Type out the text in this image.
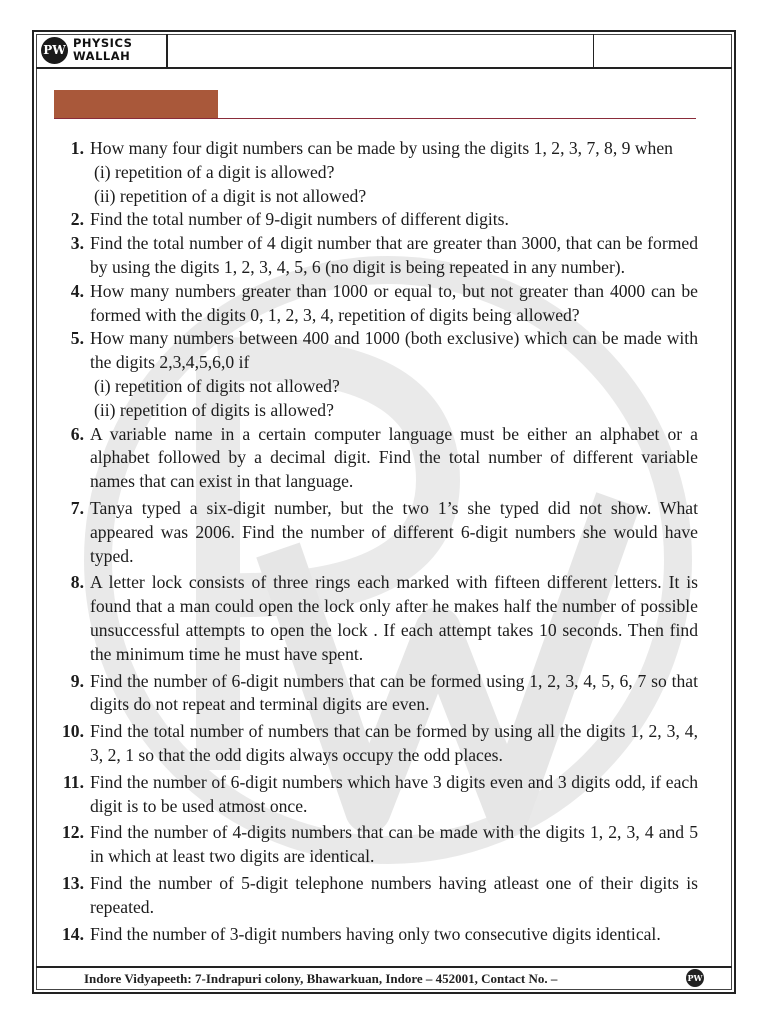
PW PHYSICS
WALLAH
1. How many four digit numbers can be made by using the digits 1, 2, 3, 7, 8, 9 when
(i) repetition of a digit is allowed?
(ii) repetition of a digit is not allowed?
2. Find the total number of 9-digit numbers of different digits.
3. Find the total number of 4 digit number that are greater than 3000, that can be formed by using the digits 1, 2, 3, 4, 5, 6 (no digit is being repeated in any number).
4. How many numbers greater than 1000 or equal to, but not greater than 4000 can be formed with the digits 0, 1, 2, 3, 4, repetition of digits being allowed?
5. How many numbers between 400 and 1000 (both exclusive) which can be made with the digits 2,3,4,5,6,0 if
(i) repetition of digits not allowed?
(ii) repetition of digits is allowed?
6. A variable name in a certain computer language must be either an alphabet or a alphabet followed by a decimal digit. Find the total number of different variable names that can exist in that language.
7. Tanya typed a six-digit number, but the two 1’s she typed did not show. What appeared was 2006. Find the number of different 6-digit numbers she would have typed.
8. A letter lock consists of three rings each marked with fifteen different letters. It is found that a man could open the lock only after he makes half the number of possible unsuccessful attempts to open the lock . If each attempt takes 10 seconds. Then find the minimum time he must have spent.
9. Find the number of 6-digit numbers that can be formed using 1, 2, 3, 4, 5, 6, 7 so that digits do not repeat and terminal digits are even.
10. Find the total number of numbers that can be formed by using all the digits 1, 2, 3, 4, 3, 2, 1 so that the odd digits always occupy the odd places.
11. Find the number of 6-digit numbers which have 3 digits even and 3 digits odd, if each digit is to be used atmost once.
12. Find the number of 4-digits numbers that can be made with the digits 1, 2, 3, 4 and 5 in which at least two digits are identical.
13. Find the number of 5-digit telephone numbers having atleast one of their digits is repeated.
14. Find the number of 3-digit numbers having only two consecutive digits identical.
Indore Vidyapeeth: 7-Indrapuri colony, Bhawarkuan, Indore – 452001, Contact No. –	PW
